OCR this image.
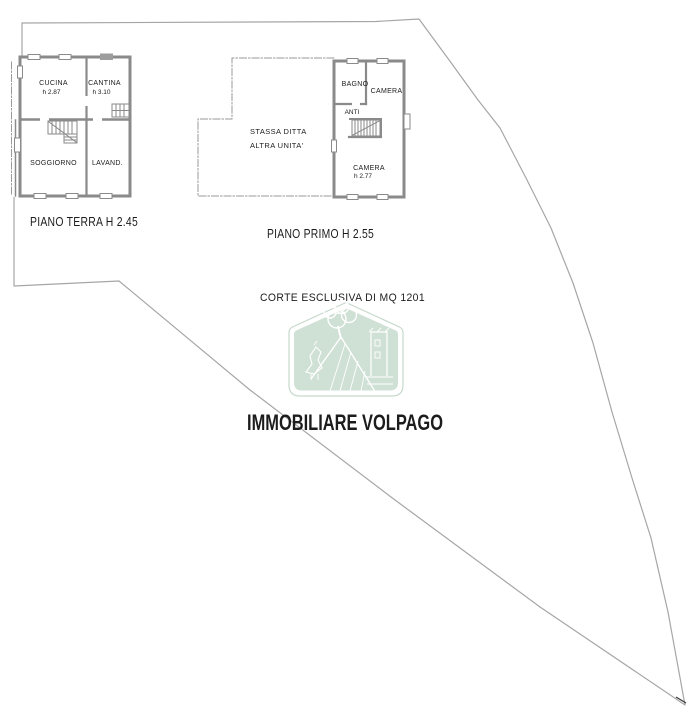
CUCINA
h 2.87
CANTINA
h 3.10
SOGGIORNO LAVAND.
PIANO TERRA H 2.45
BAGNO
CAMERA
ANTI
CAMERA
h 2.77
STASSA DITTA
ALTRA UNITA'
PIANO PRIMO H 2.55
CORTE ESCLUSIVA DI MQ 1201
IMMOBILIARE VOLPAGO
